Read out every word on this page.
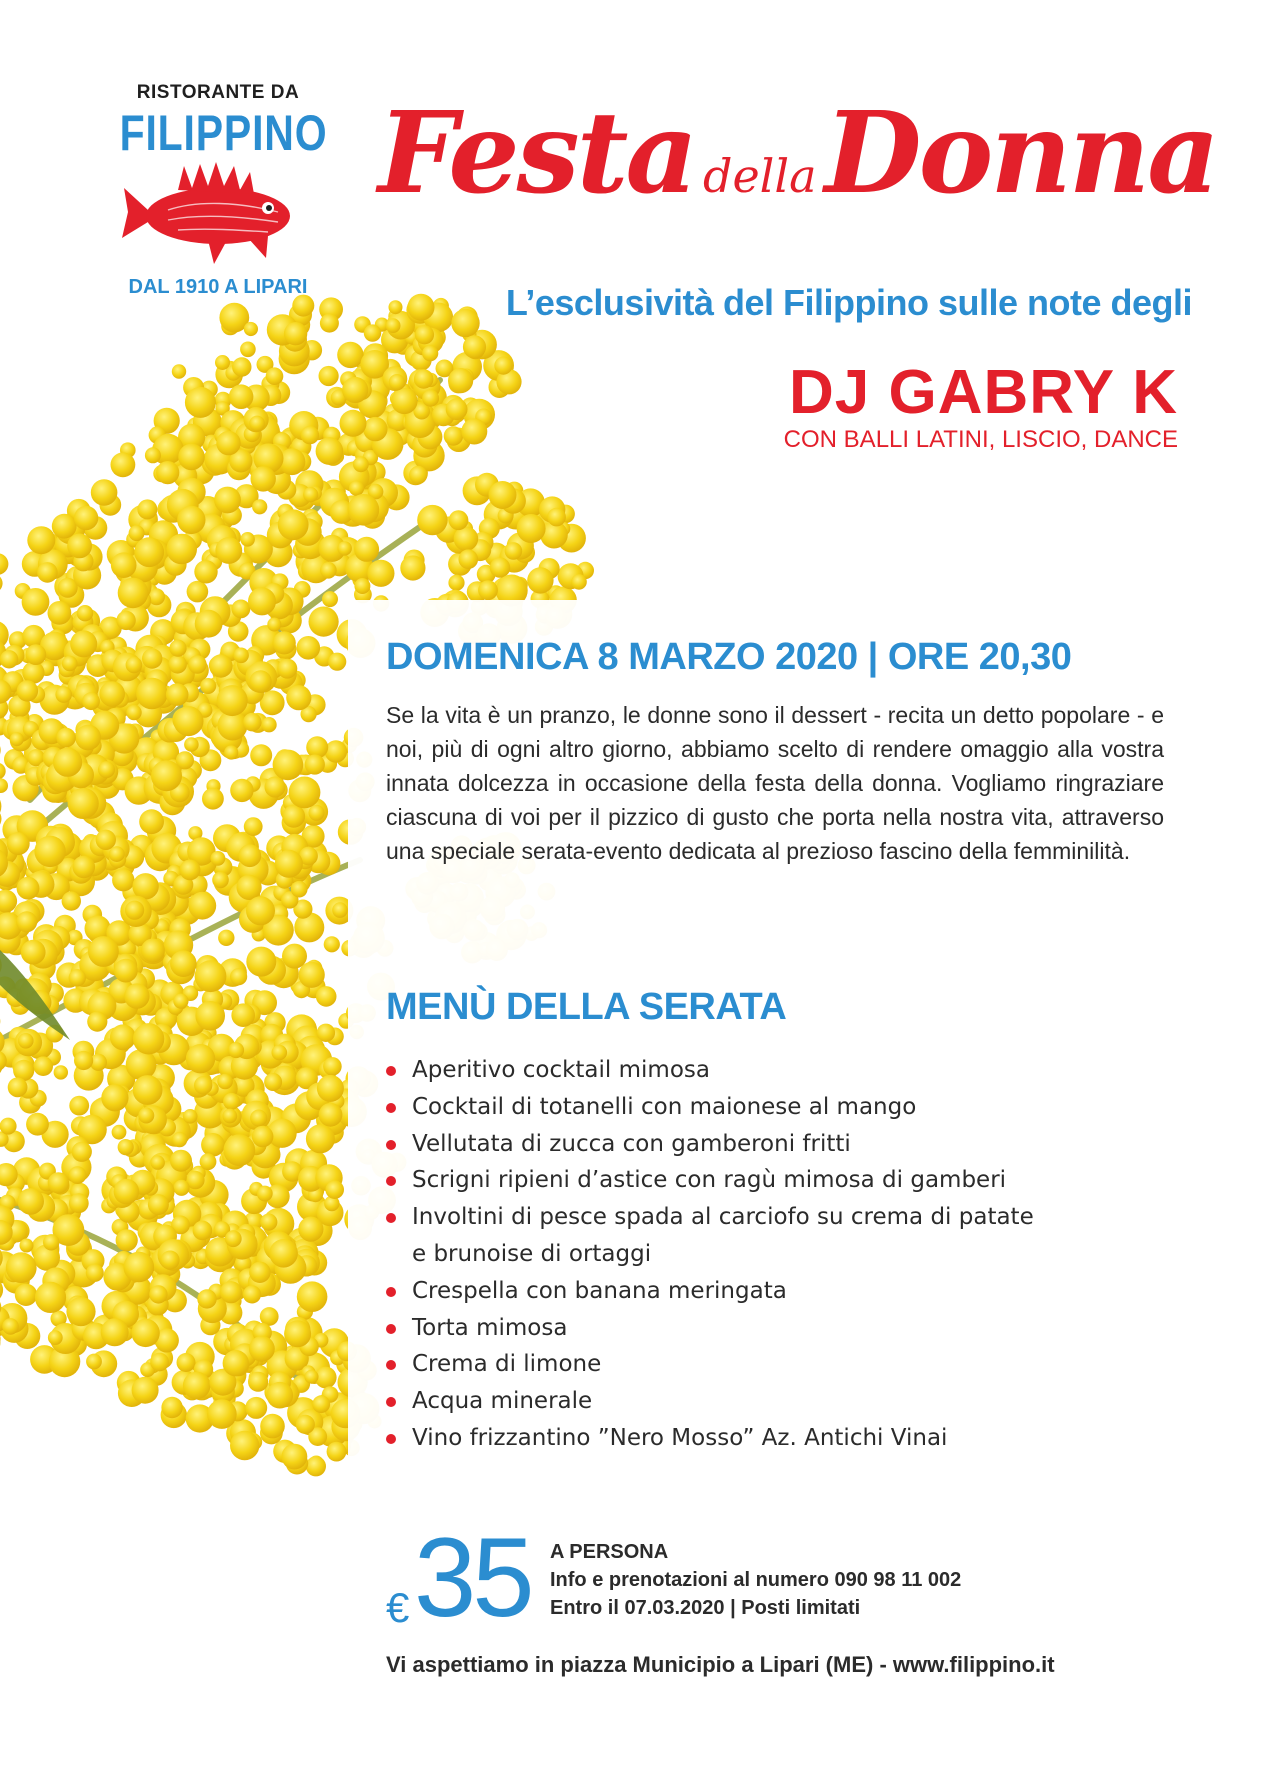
RISTORANTE DA
FILIPPINO
DAL 1910 A LIPARI
Festa dellaDonna
L’esclusività del Filippino sulle note degli
DJ GABRY K
CON BALLI LATINI, LISCIO, DANCE
DOMENICA 8 MARZO 2020 | ORE 20,30

Se la vita è un pranzo, le donne sono il dessert - recita un detto popolare - e noi, più di ogni altro giorno, abbiamo scelto di rendere omaggio alla vostra innata dolcezza in occasione della festa della donna. Vogliamo ringraziare ciascuna di voi per il pizzico di gusto che porta nella nostra vita, attraverso una speciale serata-evento dedicata al prezioso fascino della femminilità.

MENÙ DELLA SERATA
Aperitivo cocktail mimosa
Cocktail di totanelli con maionese al mango
Vellutata di zucca con gamberoni fritti
Scrigni ripieni d’astice con ragù mimosa di gamberi
Involtini di pesce spada al carciofo su crema di patate
e brunoise di ortaggi
Crespella con banana meringata
Torta mimosa
Crema di limone
Acqua minerale
Vino frizzantino ”Nero Mosso” Az. Antichi Vinai
€ 35 A PERSONA
Info e prenotazioni al numero 090 98 11 002
Entro il 07.03.2020 | Posti limitati
Vi aspettiamo in piazza Municipio a Lipari (ME) - www.filippino.it
